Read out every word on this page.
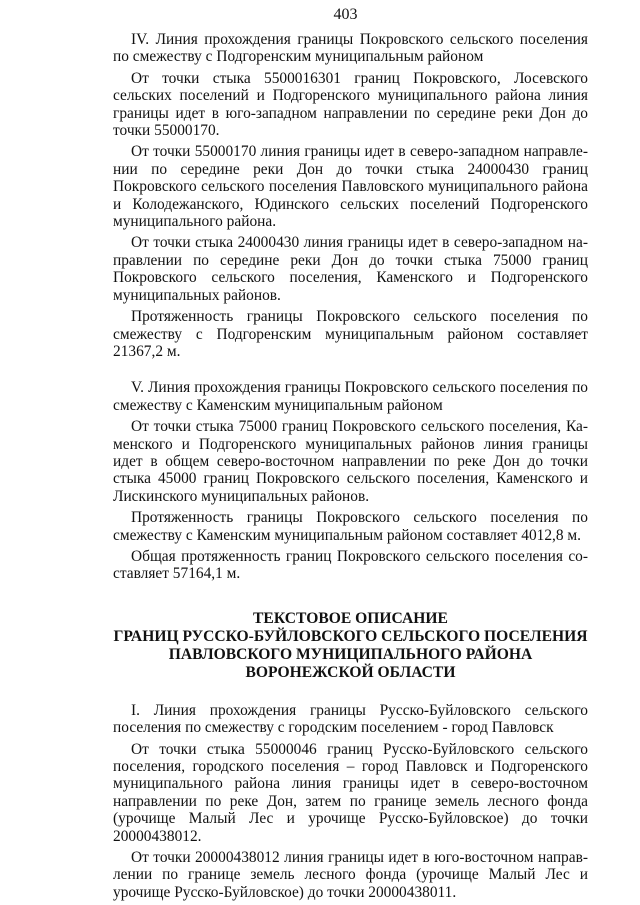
403

IV. Линия прохождения границы Покровского сельского поселения по смежеству с Подгоренским муниципальным районом

От точки стыка 5500016301 границ Покровского, Лосевского сельских поселений и Подгоренского муниципального района линия границы идет в юго-западном направлении по середине реки Дон до точки 55000170.

От точки 55000170 линия границы идет в северо-западном направлении по середине реки Дон до точки стыка 24000430 границ Покровского сельского поселения Павловского муниципального района и Колодежанского, Юдинского сельских поселений Подгоренского муниципального района.

От точки стыка 24000430 линия границы идет в северо-западном направлении по середине реки Дон до точки стыка 75000 границ Покровского сельского поселения, Каменского и Подгоренского муниципальных районов.

Протяженность границы Покровского сельского поселения по смежеству с Подгоренским муниципальным районом составляет 21367,2 м.

V. Линия прохождения границы Покровского сельского поселения по смежеству с Каменским муниципальным районом

От точки стыка 75000 границ Покровского сельского поселения, Каменского и Подгоренского муниципальных районов линия границы идет в общем северо-восточном направлении по реке Дон до точки стыка 45000 границ Покровского сельского поселения, Каменского и Лискинского муниципальных районов.

Протяженность границы Покровского сельского поселения по смежеству с Каменским муниципальным районом составляет 4012,8 м.

Общая протяженность границ Покровского сельского поселения составляет 57164,1 м.

ТЕКСТОВОЕ ОПИСАНИЕ
ГРАНИЦ РУССКО-БУЙЛОВСКОГО СЕЛЬСКОГО ПОСЕЛЕНИЯ
ПАВЛОВСКОГО МУНИЦИПАЛЬНОГО РАЙОНА
ВОРОНЕЖСКОЙ ОБЛАСТИ

I. Линия прохождения границы Русско-Буйловского сельского поселения по смежеству с городским поселением - город Павловск

От точки стыка 55000046 границ Русско-Буйловского сельского поселения, городского поселения – город Павловск и Подгоренского муниципального района линия границы идет в северо-восточном направлении по реке Дон, затем по границе земель лесного фонда (урочище Малый Лес и урочище Русско-Буйловское) до точки 20000438012.

От точки 20000438012 линия границы идет в юго-восточном направлении по границе земель лесного фонда (урочище Малый Лес и урочище Русско-Буйловское) до точки 20000438011.
